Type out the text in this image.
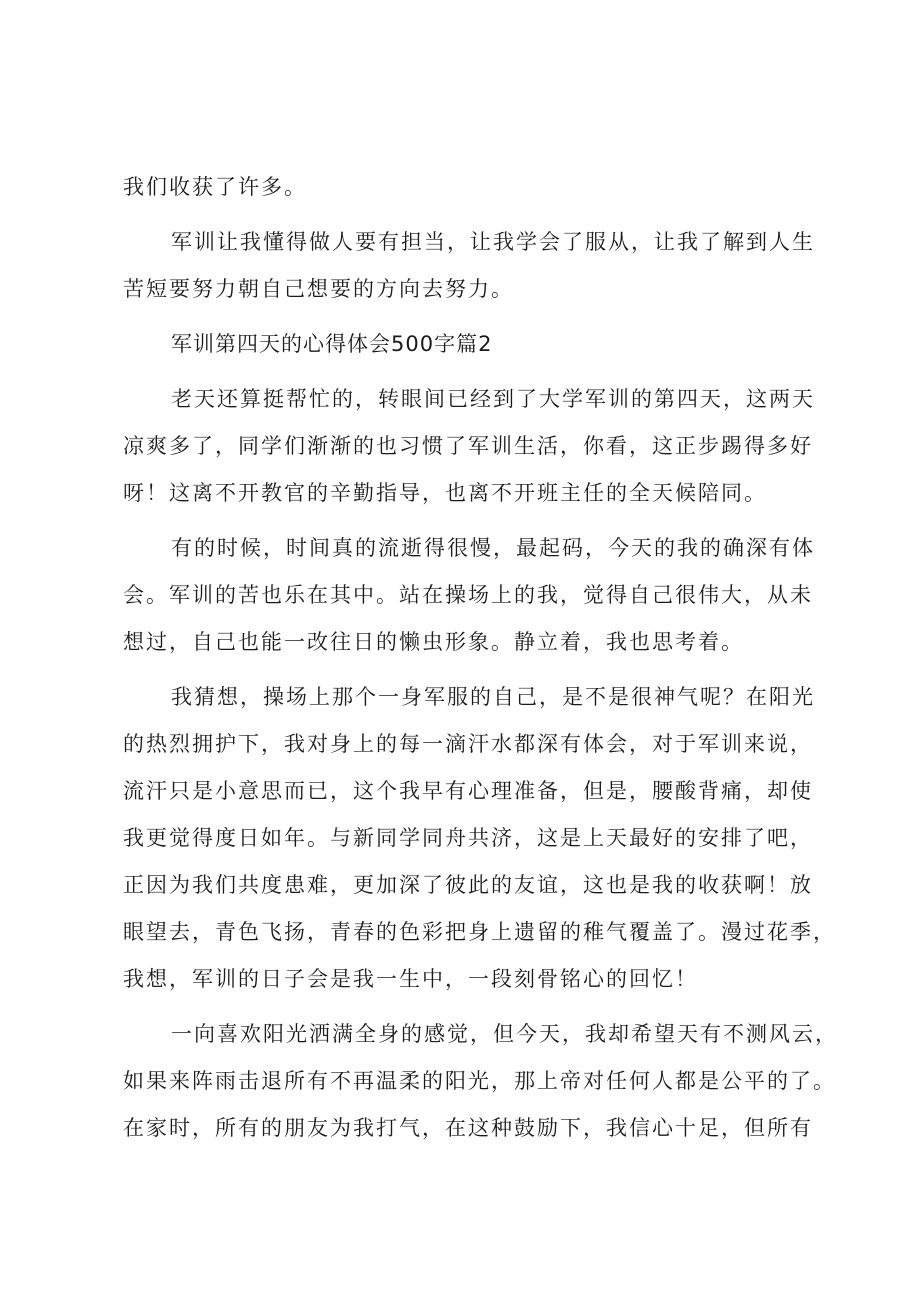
我们收获了许多。
军训让我懂得做人要有担当，让我学会了服从，让我了解到人生
苦短要努力朝自己想要的方向去努力。
军训第四天的心得体会500字篇2
老天还算挺帮忙的，转眼间已经到了大学军训的第四天，这两天
凉爽多了，同学们渐渐的也习惯了军训生活，你看，这正步踢得多好
呀！这离不开教官的辛勤指导，也离不开班主任的全天候陪同。
有的时候，时间真的流逝得很慢，最起码，今天的我的确深有体
会。军训的苦也乐在其中。站在操场上的我，觉得自己很伟大，从未
想过，自己也能一改往日的懒虫形象。静立着，我也思考着。
我猜想，操场上那个一身军服的自己，是不是很神气呢？在阳光
的热烈拥护下，我对身上的每一滴汗水都深有体会，对于军训来说，
流汗只是小意思而已，这个我早有心理准备，但是，腰酸背痛，却使
我更觉得度日如年。与新同学同舟共济，这是上天最好的安排了吧，
正因为我们共度患难，更加深了彼此的友谊，这也是我的收获啊！放
眼望去，青色飞扬，青春的色彩把身上遗留的稚气覆盖了。漫过花季，
我想，军训的日子会是我一生中，一段刻骨铭心的回忆！
一向喜欢阳光洒满全身的感觉，但今天，我却希望天有不测风云，
如果来阵雨击退所有不再温柔的阳光，那上帝对任何人都是公平的了。
在家时，所有的朋友为我打气，在这种鼓励下，我信心十足，但所有
